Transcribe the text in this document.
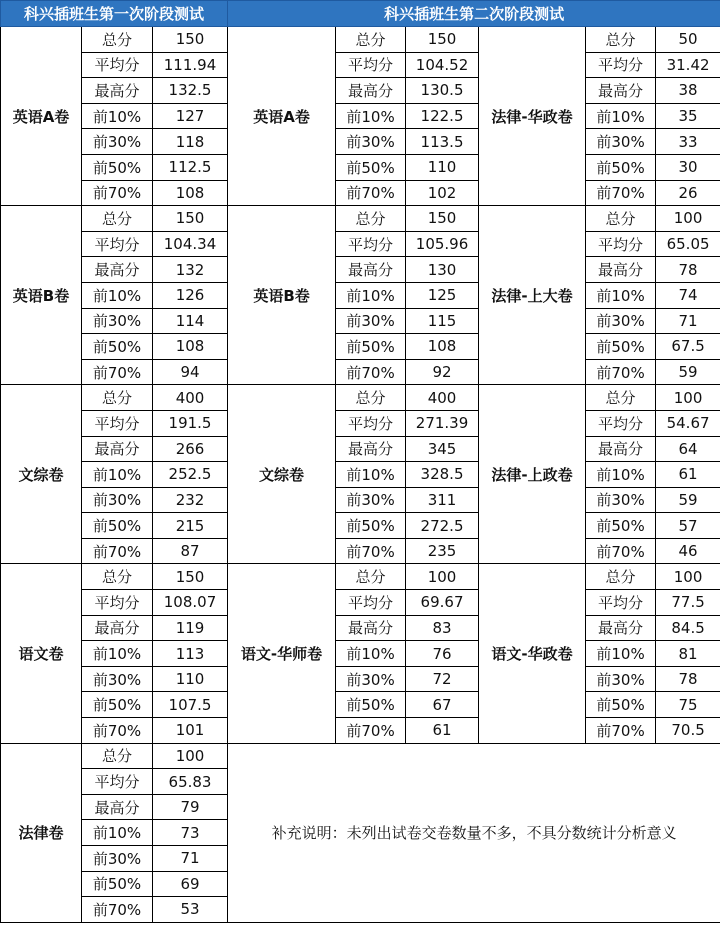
科兴插班生第一次阶段测试			科兴插班生第二次阶段测试					
英语A卷	总分	150	英语A卷	总分	150	法律-华政卷	总分	50
	平均分	111.94		平均分	104.52		平均分	31.42
	最高分	132.5		最高分	130.5		最高分	38
	前10%	127		前10%	122.5		前10%	35
	前30%	118		前30%	113.5		前30%	33
	前50%	112.5		前50%	110		前50%	30
	前70%	108		前70%	102		前70%	26
英语B卷	总分	150	英语B卷	总分	150	法律-上大卷	总分	100
	平均分	104.34		平均分	105.96		平均分	65.05
	最高分	132		最高分	130		最高分	78
	前10%	126		前10%	125		前10%	74
	前30%	114		前30%	115		前30%	71
	前50%	108		前50%	108		前50%	67.5
	前70%	94		前70%	92		前70%	59
文综卷	总分	400	文综卷	总分	400	法律-上政卷	总分	100
	平均分	191.5		平均分	271.39		平均分	54.67
	最高分	266		最高分	345		最高分	64
	前10%	252.5		前10%	328.5		前10%	61
	前30%	232		前30%	311		前30%	59
	前50%	215		前50%	272.5		前50%	57
	前70%	87		前70%	235		前70%	46
语文卷	总分	150	语文-华师卷	总分	100	语文-华政卷	总分	100
	平均分	108.07		平均分	69.67		平均分	77.5
	最高分	119		最高分	83		最高分	84.5
	前10%	113		前10%	76		前10%	81
	前30%	110		前30%	72		前30%	78
	前50%	107.5		前50%	67		前50%	75
	前70%	101		前70%	61		前70%	70.5
法律卷	总分	100	补充说明：未列出试卷交卷数量不多，不具分数统计分析意义					
	平均分	65.83						
	最高分	79						
	前10%	73						
	前30%	71						
	前50%	69						
	前70%	53						
